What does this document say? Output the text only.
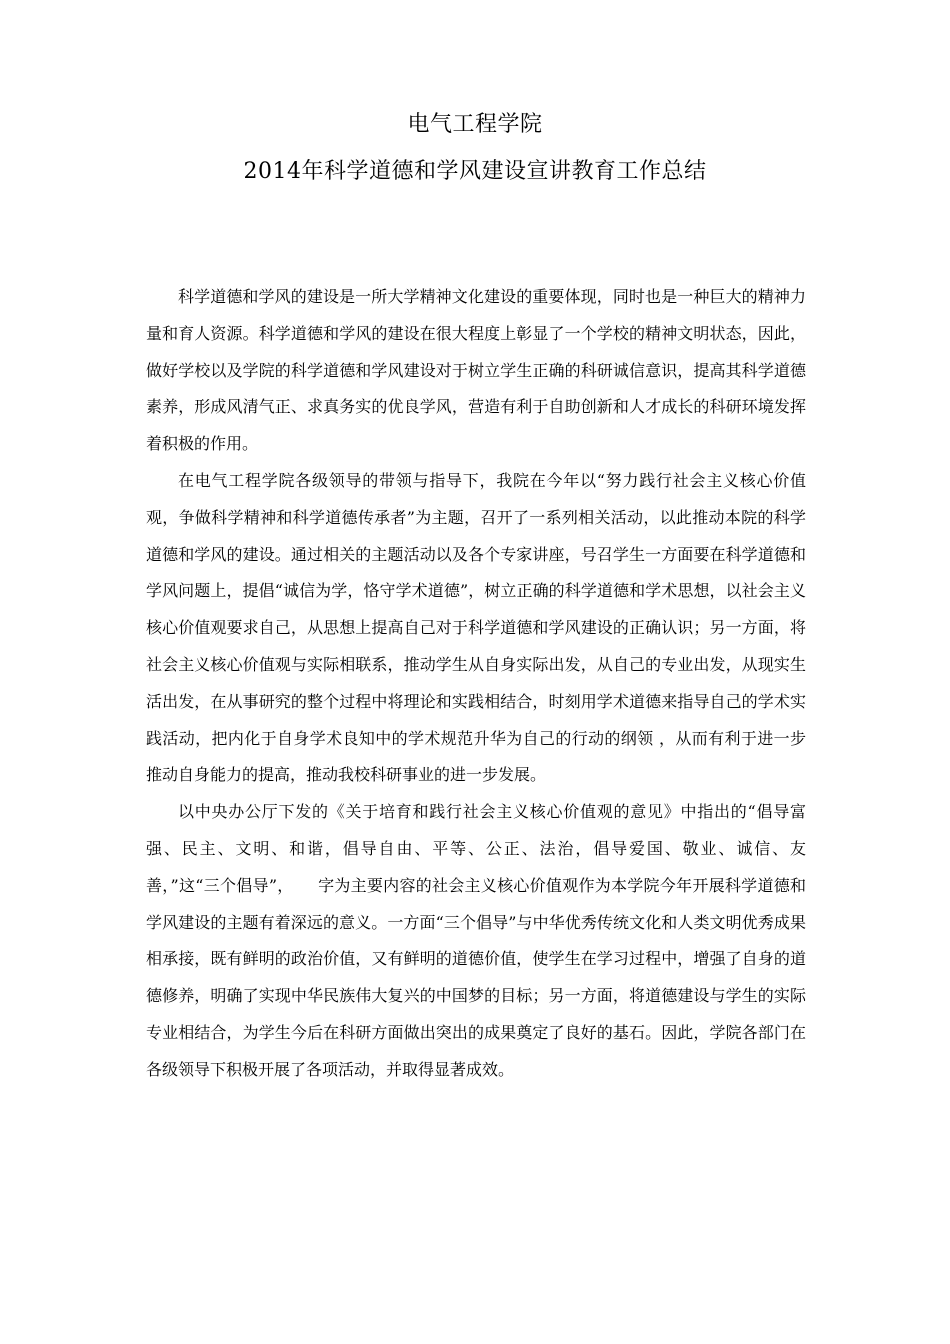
电气工程学院
2014年科学道德和学风建设宣讲教育工作总结

科学道德和学风的建设是一所大学精神文化建设的重要体现，同时也是一种巨大的精神力量和育人资源。科学道德和学风的建设在很大程度上彰显了一个学校的精神文明状态，因此，做好学校以及学院的科学道德和学风建设对于树立学生正确的科研诚信意识，提高其科学道德素养，形成风清气正、求真务实的优良学风，营造有利于自助创新和人才成长的科研环境发挥着积极的作用。

在电气工程学院各级领导的带领与指导下，我院在今年以“努力践行社会主义核心价值观，争做科学精神和科学道德传承者”为主题，召开了一系列相关活动，以此推动本院的科学道德和学风的建设。通过相关的主题活动以及各个专家讲座，号召学生一方面要在科学道德和学风问题上，提倡“诚信为学，恪守学术道德”，树立正确的科学道德和学术思想，以社会主义核心价值观要求自己，从思想上提高自己对于科学道德和学风建设的正确认识；另一方面，将社会主义核心价值观与实际相联系，推动学生从自身实际出发，从自己的专业出发，从现实生活出发，在从事研究的整个过程中将理论和实践相结合，时刻用学术道德来指导自己的学术实践活动，把内化于自身学术良知中的学术规范升华为自己的行动的纲领 ，从而有利于进一步推动自身能力的提高，推动我校科研事业的进一步发展。

以中央办公厅下发的《关于培育和践行社会主义核心价值观的意见》中指出的“倡导富强、民主、文明、和谐，倡导自由、平等、公正、法治，倡导爱国、敬业、诚信、友善，”这“三个倡导”，　　字为主要内容的社会主义核心价值观作为本学院今年开展科学道德和学风建设的主题有着深远的意义。一方面“三个倡导”与中华优秀传统文化和人类文明优秀成果相承接，既有鲜明的政治价值，又有鲜明的道德价值，使学生在学习过程中，增强了自身的道德修养，明确了实现中华民族伟大复兴的中国梦的目标；另一方面，将道德建设与学生的实际专业相结合，为学生今后在科研方面做出突出的成果奠定了良好的基石。因此，学院各部门在各级领导下积极开展了各项活动，并取得显著成效。
